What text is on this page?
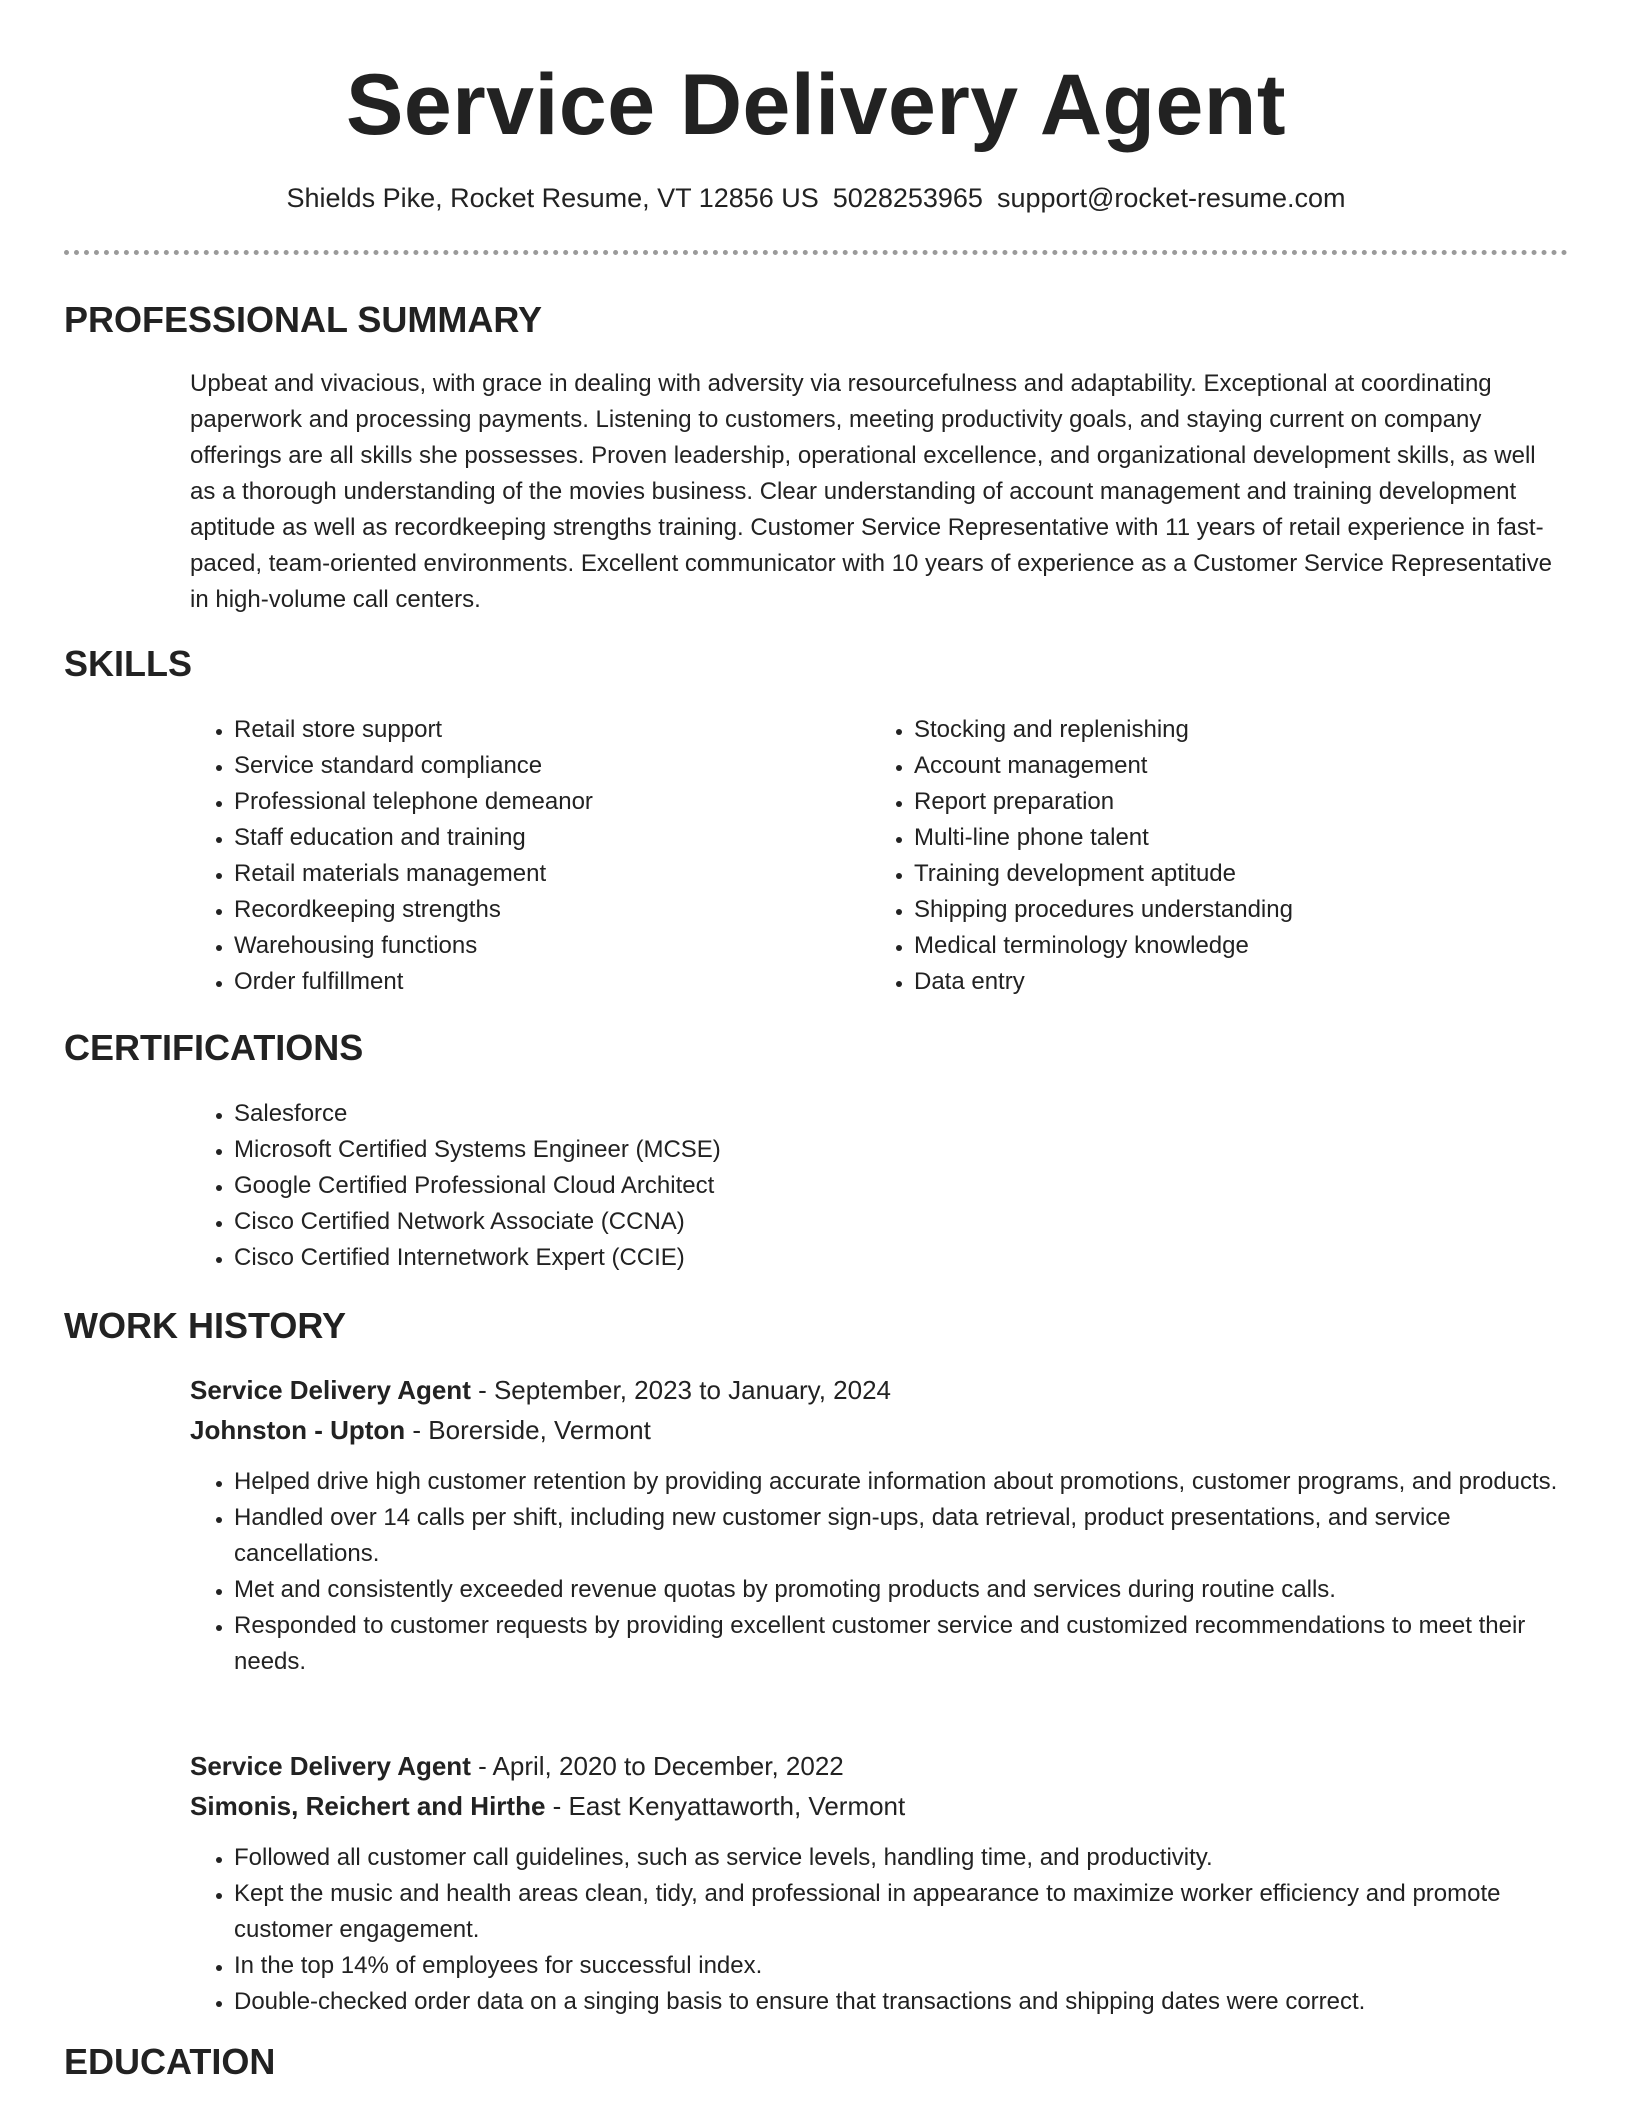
Service Delivery Agent
Shields Pike, Rocket Resume, VT 12856 US 5028253965 support@rocket-resume.com
PROFESSIONAL SUMMARY

Upbeat and vivacious, with grace in dealing with adversity via resourcefulness and adaptability. Exceptional at coordinating paperwork and processing payments. Listening to customers, meeting productivity goals, and staying current on company offerings are all skills she possesses. Proven leadership, operational excellence, and organizational development skills, as well as a thorough understanding of the movies business. Clear understanding of account management and training development aptitude as well as recordkeeping strengths training. Customer Service Representative with 11 years of retail experience in fast-paced, team-oriented environments. Excellent communicator with 10 years of experience as a Customer Service Representative in high-volume call centers.

SKILLS
• Retail store support
• Service standard compliance
• Professional telephone demeanor
• Staff education and training
• Retail materials management
• Recordkeeping strengths
• Warehousing functions
• Order fulfillment
• Stocking and replenishing
• Account management
• Report preparation
• Multi-line phone talent
• Training development aptitude
• Shipping procedures understanding
• Medical terminology knowledge
• Data entry
CERTIFICATIONS
• Salesforce
• Microsoft Certified Systems Engineer (MCSE)
• Google Certified Professional Cloud Architect
• Cisco Certified Network Associate (CCNA)
• Cisco Certified Internetwork Expert (CCIE)
WORK HISTORY
Service Delivery Agent - September, 2023 to January, 2024
Johnston - Upton - Borerside, Vermont
• Helped drive high customer retention by providing accurate information about promotions, customer programs, and products.
• Handled over 14 calls per shift, including new customer sign-ups, data retrieval, product presentations, and service cancellations.
• Met and consistently exceeded revenue quotas by promoting products and services during routine calls.
• Responded to customer requests by providing excellent customer service and customized recommendations to meet their needs.
Service Delivery Agent - April, 2020 to December, 2022
Simonis, Reichert and Hirthe - East Kenyattaworth, Vermont
• Followed all customer call guidelines, such as service levels, handling time, and productivity.
• Kept the music and health areas clean, tidy, and professional in appearance to maximize worker efficiency and promote customer engagement.
• In the top 14% of employees for successful index.
• Double-checked order data on a singing basis to ensure that transactions and shipping dates were correct.
EDUCATION
